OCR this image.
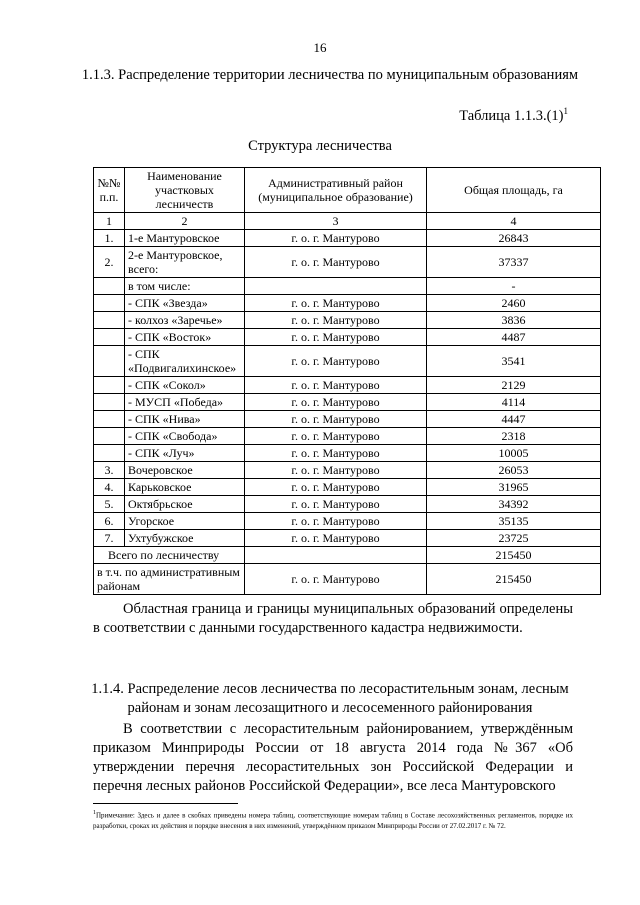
16
1.1.3. Распределение территории лесничества по муниципальным образованиям
Таблица $1.1.3.(1)^1$
Структура лесничества
№№ п.п.	Наименование участковых лесничеств	Административный район (муниципальное образование)	Общая площадь, га
1	2	3	4
1.	1-е Мантуровское	г. о. г. Мантурово	26843
2.	2-е Мантуровское, всего:	г. о. г. Мантурово	37337
	в том числе:		-
	- СПК «Звезда»	г. о. г. Мантурово	2460
	- колхоз «Заречье»	г. о. г. Мантурово	3836
	- СПК «Восток»	г. о. г. Мантурово	4487
	- СПК «Подвигалихинское»	г. о. г. Мантурово	3541
	- СПК «Сокол»	г. о. г. Мантурово	2129
	- МУСП «Победа»	г. о. г. Мантурово	4114
	- СПК «Нива»	г. о. г. Мантурово	4447
	- СПК «Свобода»	г. о. г. Мантурово	2318
	- СПК «Луч»	г. о. г. Мантурово	10005
3.	Вочеровское	г. о. г. Мантурово	26053
4.	Карьковское	г. о. г. Мантурово	31965
5.	Октябрьское	г. о. г. Мантурово	34392
6.	Угорское	г. о. г. Мантурово	35135
7.	Ухтубужское	г. о. г. Мантурово	23725
Всего по лесничеству			215450
в т.ч. по административным районам		г. о. г. Мантурово	215450
Областная граница и границы муниципальных образований определены в соответствии с данными государственного кадастра недвижимости.
1.1.4. Распределение лесов лесничества по лесорастительным зонам, лесным районам и зонам лесозащитного и лесосеменного районирования
В соответствии с лесорастительным районированием, утверждённым приказом Минприроды России от 18 августа 2014 года №367 «Об утверждении перечня лесорастительных зон Российской Федерации и перечня лесных районов Российской Федерации», все леса Мантуровского
$^1$Примечание: Здесь и далее в скобках приведены номера таблиц, соответствующие номерам таблиц в Составе лесохозяйственных регламентов, порядке их разработки, сроках их действия и порядке внесения в них изменений, утверждённом приказом Минприроды России от 27.02.2017 г. № 72.
